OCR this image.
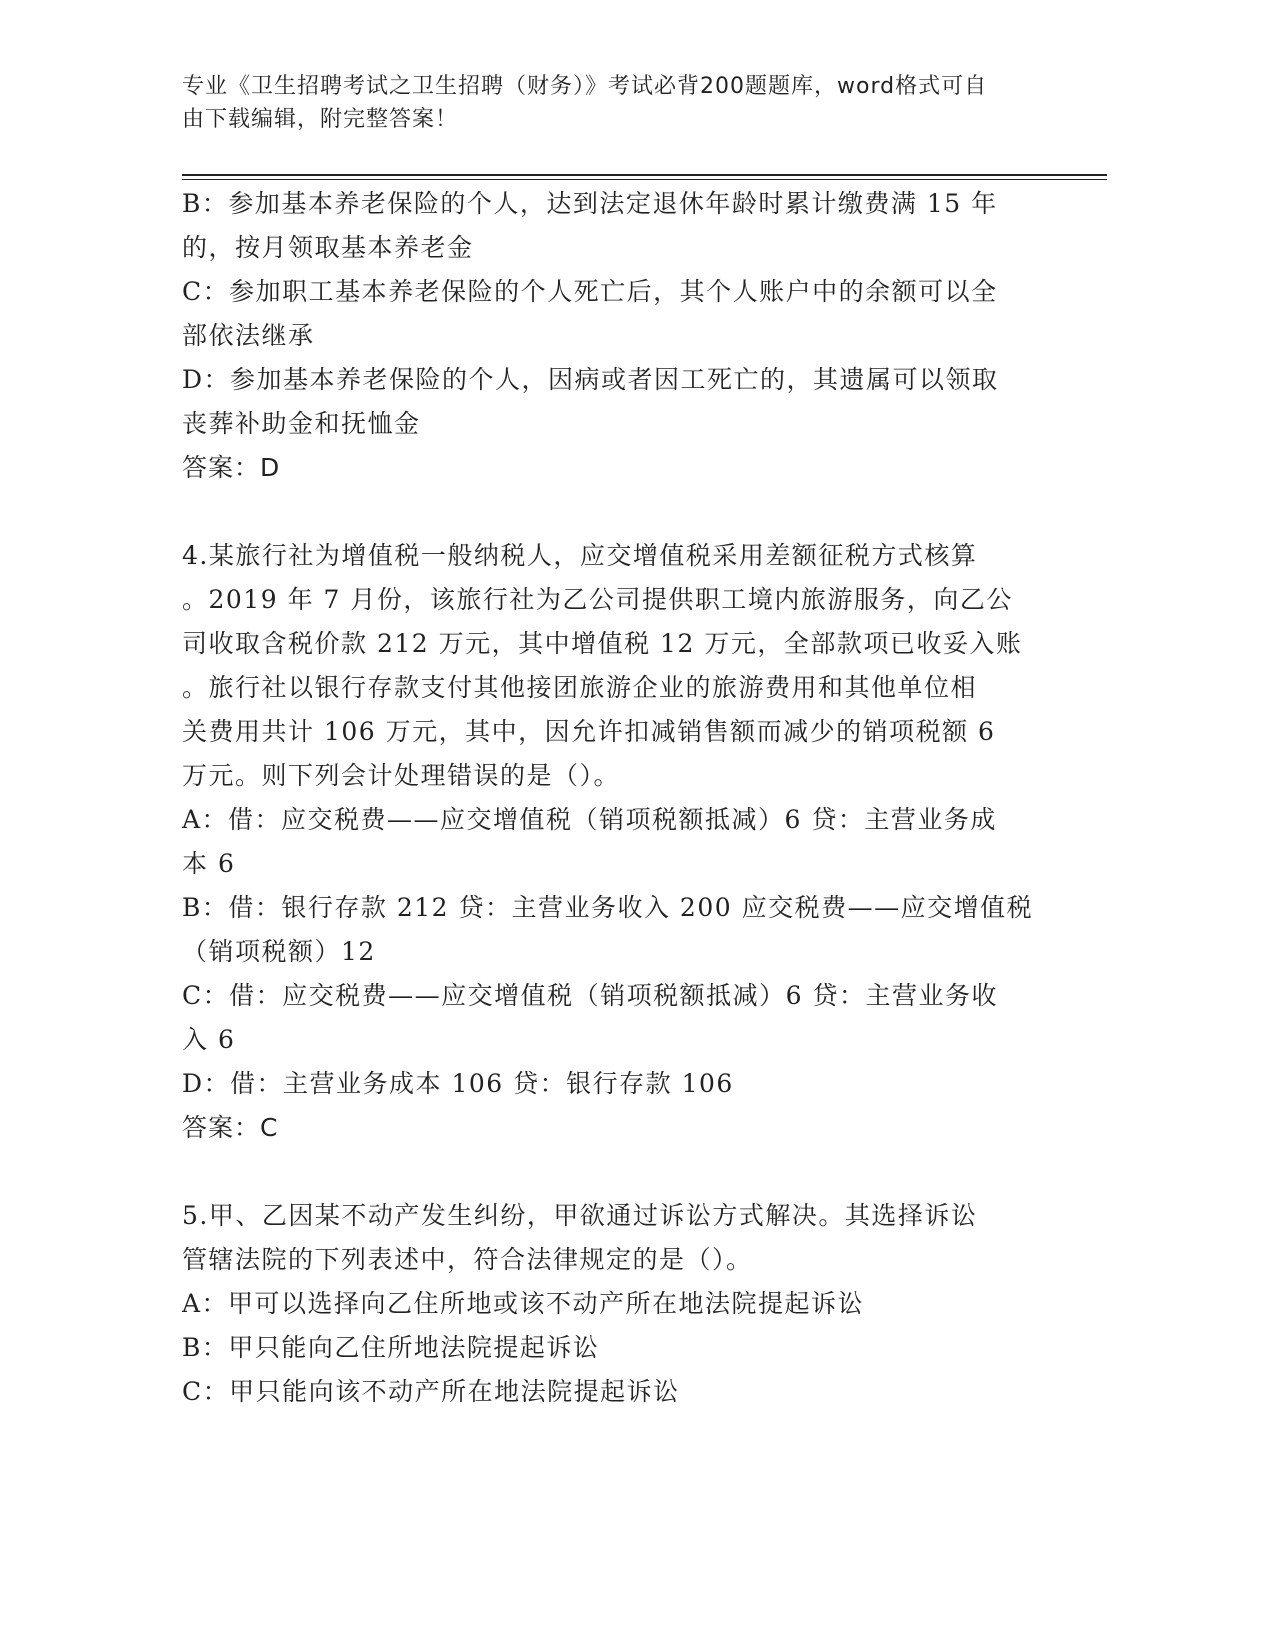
专业《卫生招聘考试之卫生招聘（财务）》考试必背200题题库，word格式可自
由下载编辑，附完整答案！

B：参加基本养老保险的个人，达到法定退休年龄时累计缴费满 15 年

的，按月领取基本养老金

C：参加职工基本养老保险的个人死亡后，其个人账户中的余额可以全

部依法继承

D：参加基本养老保险的个人，因病或者因工死亡的，其遗属可以领取

丧葬补助金和抚恤金

答案：D

4.某旅行社为增值税一般纳税人，应交增值税采用差额征税方式核算

。2019 年 7 月份，该旅行社为乙公司提供职工境内旅游服务，向乙公

司收取含税价款 212 万元，其中增值税 12 万元，全部款项已收妥入账

。旅行社以银行存款支付其他接团旅游企业的旅游费用和其他单位相

关费用共计 106 万元，其中，因允许扣减销售额而减少的销项税额 6

万元。则下列会计处理错误的是（）。

A：借：应交税费——应交增值税（销项税额抵减）6 贷：主营业务成

本 6

B：借：银行存款 212 贷：主营业务收入 200 应交税费——应交增值税

（销项税额）12

C：借：应交税费——应交增值税（销项税额抵减）6 贷：主营业务收

入 6

D：借：主营业务成本 106 贷：银行存款 106

答案：C

5.甲、乙因某不动产发生纠纷，甲欲通过诉讼方式解决。其选择诉讼

管辖法院的下列表述中，符合法律规定的是（）。

A：甲可以选择向乙住所地或该不动产所在地法院提起诉讼

B：甲只能向乙住所地法院提起诉讼

C：甲只能向该不动产所在地法院提起诉讼
